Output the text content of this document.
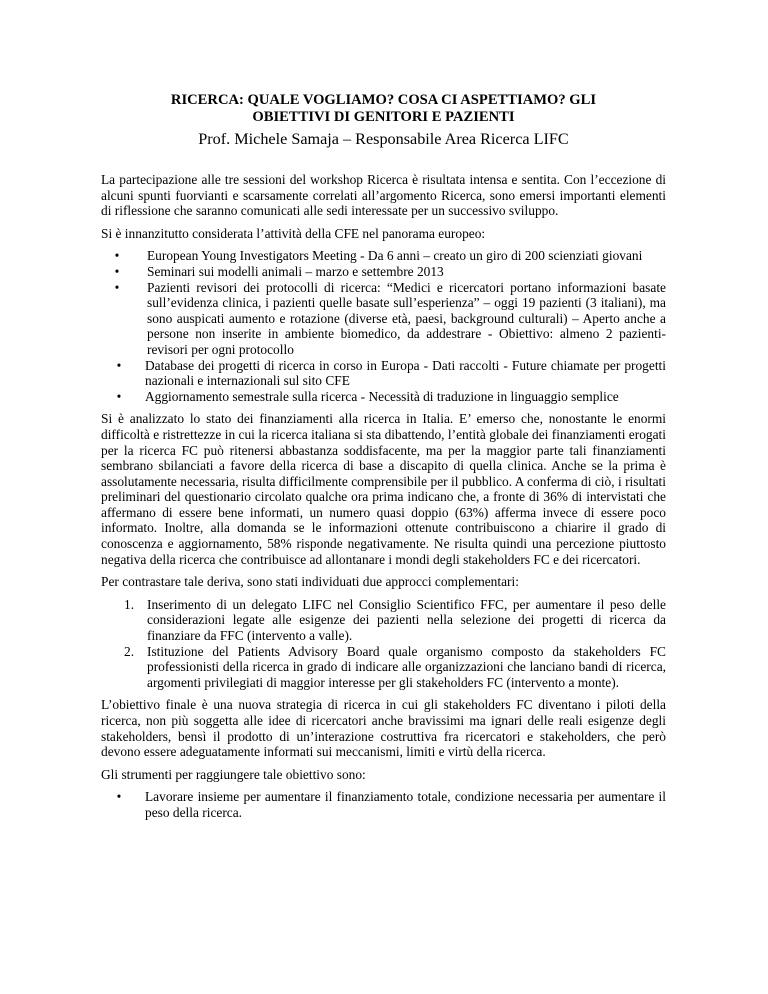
RICERCA: QUALE VOGLIAMO? COSA CI ASPETTIAMO? GLI
OBIETTIVI DI GENITORI E PAZIENTI
Prof. Michele Samaja – Responsabile Area Ricerca LIFC

La partecipazione alle tre sessioni del workshop Ricerca è risultata intensa e sentita. Con l’eccezione di alcuni spunti fuorvianti e scarsamente correlati all’argomento Ricerca, sono emersi importanti elementi di riflessione che saranno comunicati alle sedi interessate per un successivo sviluppo.

Si è innanzitutto considerata l’attività della CFE nel panorama europeo:

• European Young Investigators Meeting - Da 6 anni – creato un giro di 200 scienziati giovani
• Seminari sui modelli animali – marzo e settembre 2013
• Pazienti revisori dei protocolli di ricerca: “Medici e ricercatori portano informazioni basate sull’evidenza clinica, i pazienti quelle basate sull’esperienza” – oggi 19 pazienti (3 italiani), ma sono auspicati aumento e rotazione (diverse età, paesi, background culturali) – Aperto anche a persone non inserite in ambiente biomedico, da addestrare - Obiettivo: almeno 2 pazienti-revisori per ogni protocollo
• Database dei progetti di ricerca in corso in Europa - Dati raccolti - Future chiamate per progetti nazionali e internazionali sul sito CFE
• Aggiornamento semestrale sulla ricerca - Necessità di traduzione in linguaggio semplice

Si è analizzato lo stato dei finanziamenti alla ricerca in Italia. E’ emerso che, nonostante le enormi difficoltà e ristrettezze in cui la ricerca italiana si sta dibattendo, l’entità globale dei finanziamenti erogati per la ricerca FC può ritenersi abbastanza soddisfacente, ma per la maggior parte tali finanziamenti sembrano sbilanciati a favore della ricerca di base a discapito di quella clinica. Anche se la prima è assolutamente necessaria, risulta difficilmente comprensibile per il pubblico. A conferma di ciò, i risultati preliminari del questionario circolato qualche ora prima indicano che, a fronte di 36% di intervistati che affermano di essere bene informati, un numero quasi doppio (63%) afferma invece di essere poco informato. Inoltre, alla domanda se le informazioni ottenute contribuiscono a chiarire il grado di conoscenza e aggiornamento, 58% risponde negativamente. Ne risulta quindi una percezione piuttosto negativa della ricerca che contribuisce ad allontanare i mondi degli stakeholders FC e dei ricercatori.

Per contrastare tale deriva, sono stati individuati due approcci complementari:

1. Inserimento di un delegato LIFC nel Consiglio Scientifico FFC, per aumentare il peso delle considerazioni legate alle esigenze dei pazienti nella selezione dei progetti di ricerca da finanziare da FFC (intervento a valle).
2. Istituzione del Patients Advisory Board quale organismo composto da stakeholders FC professionisti della ricerca in grado di indicare alle organizzazioni che lanciano bandi di ricerca, argomenti privilegiati di maggior interesse per gli stakeholders FC (intervento a monte).

L’obiettivo finale è una nuova strategia di ricerca in cui gli stakeholders FC diventano i piloti della ricerca, non più soggetta alle idee di ricercatori anche bravissimi ma ignari delle reali esigenze degli stakeholders, bensì il prodotto di un’interazione costruttiva fra ricercatori e stakeholders, che però devono essere adeguatamente informati sui meccanismi, limiti e virtù della ricerca.

Gli strumenti per raggiungere tale obiettivo sono:

• Lavorare insieme per aumentare il finanziamento totale, condizione necessaria per aumentare il peso della ricerca.
